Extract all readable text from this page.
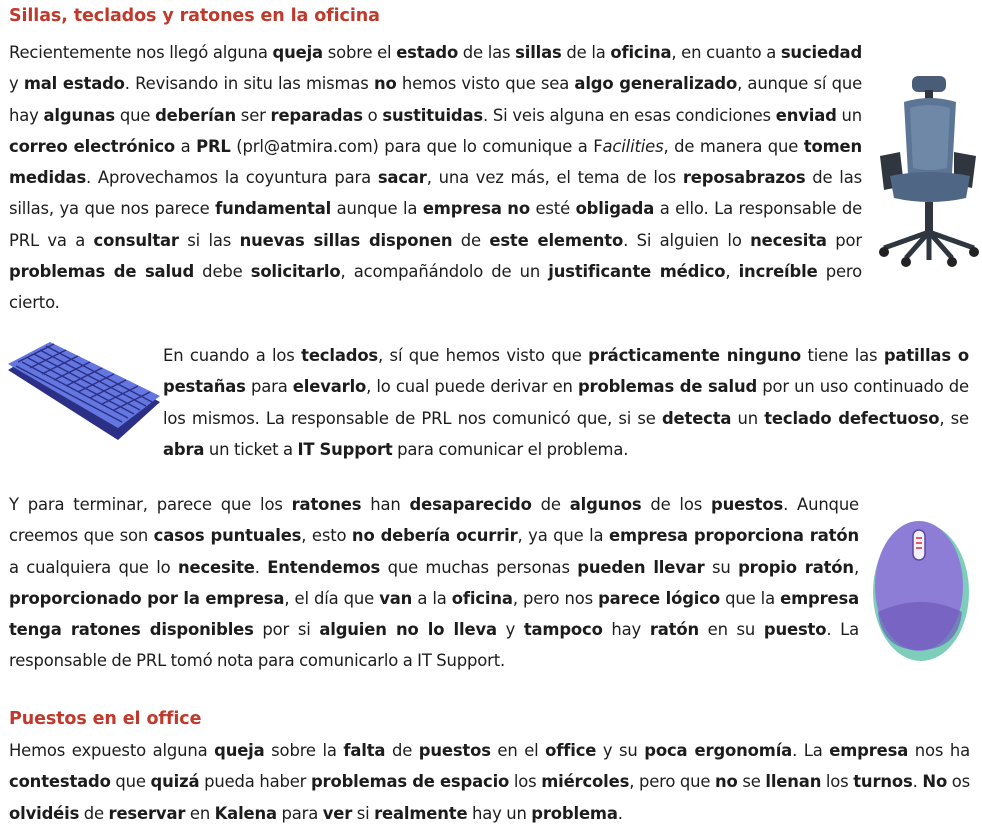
Sillas, teclados y ratones en la oficina

Recientemente nos llegó alguna queja sobre el estado de las sillas de la oficina, en cuanto a suciedad y mal estado. Revisando in situ las mismas no hemos visto que sea algo generalizado, aunque sí que hay algunas que deberían ser reparadas o sustituidas. Si veis alguna en esas condiciones enviad un correo electrónico a PRL (prl@atmira.com) para que lo comunique a Facilities, de manera que tomen medidas. Aprovechamos la coyuntura para sacar, una vez más, el tema de los reposabrazos de las sillas, ya que nos parece fundamental aunque la empresa no esté obligada a ello. La responsable de PRL va a consultar si las nuevas sillas disponen de este elemento. Si alguien lo necesita por problemas de salud debe solicitarlo, acompañándolo de un justificante médico, increíble pero cierto.

En cuando a los teclados, sí que hemos visto que prácticamente ninguno tiene las patillas o pestañas para elevarlo, lo cual puede derivar en problemas de salud por un uso continuado de los mismos. La responsable de PRL nos comunicó que, si se detecta un teclado defectuoso, se abra un ticket a IT Support para comunicar el problema.

Y para terminar, parece que los ratones han desaparecido de algunos de los puestos. Aunque creemos que son casos puntuales, esto no debería ocurrir, ya que la empresa proporciona ratón a cualquiera que lo necesite. Entendemos que muchas personas pueden llevar su propio ratón, proporcionado por la empresa, el día que van a la oficina, pero nos parece lógico que la empresa tenga ratones disponibles por si alguien no lo lleva y tampoco hay ratón en su puesto. La responsable de PRL tomó nota para comunicarlo a IT Support.

Puestos en el office

Hemos expuesto alguna queja sobre la falta de puestos en el office y su poca ergonomía. La empresa nos ha contestado que quizá pueda haber problemas de espacio los miércoles, pero que no se llenan los turnos. No os olvidéis de reservar en Kalena para ver si realmente hay un problema.
